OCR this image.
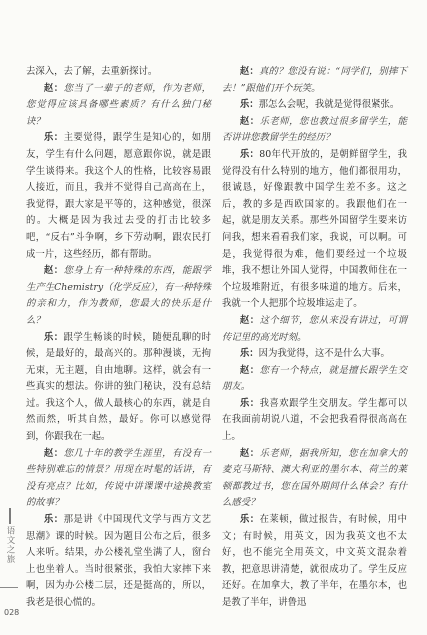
去深入，去了解，去重新探讨。

赵：您当了一辈子的老师，作为老师，您觉得应该具备哪些素质？有什么独门秘诀？

乐：主要觉得，跟学生是知心的，如朋友，学生有什么问题，愿意跟你说，就是跟学生谈得来。我这个人的性格，比较容易跟人接近，而且，我并不觉得自己高高在上，我觉得，跟大家是平等的，这种感觉，很深的。大概是因为我过去受的打击比较多吧，“反右”斗争啊，乡下劳动啊，跟农民打成一片，这些经历，都有帮助。

赵：您身上有一种特殊的东西，能跟学生产生Chemistry（化学反应），有一种特殊的亲和力，作为教师，您最大的快乐是什么？

乐：跟学生畅谈的时候，随便乱聊的时候，是最好的，最高兴的。那种漫谈，无拘无束，无主题，自由地聊。这样，就会有一些真实的想法。你讲的独门秘诀，没有总结过。我这个人，做人最核心的东西，就是自然而然，听其自然，最好。你可以感觉得到，你跟我在一起。

赵：您几十年的教学生涯里，有没有一些特别难忘的情景？用现在时髦的话讲，有没有亮点？比如，传说中讲课课中途换教室的故事？

乐：那是讲《中国现代文学与西方文艺思潮》课的时候。因为题目公布之后，很多人来听。结果，办公楼礼堂坐满了人，窗台上也坐着人。当时很紧张，我怕大家摔下来啊，因为办公楼二层，还是挺高的，所以，我老是很心慌的。

赵：真的？您没有说：“同学们，别摔下去！”跟他们开个玩笑。

乐：那怎么会呢，我就是觉得很紧张。

赵：乐老师，您也教过很多留学生，能否讲讲您教留学生的经历？

乐：80年代开放的，是朝鲜留学生，我觉得没有什么特别的地方，他们都很用功，很诚恳，好像跟教中国学生差不多。这之后，教的多是西欧国家的。我跟他们在一起，就是朋友关系。那些外国留学生要来访问我，想来看看我们家，我说，可以啊。可是，我觉得很为难，他们要经过一个垃圾堆，我不想让外国人觉得，中国教师住在一个垃圾堆附近，有很多味道的地方。后来，我就一个人把那个垃圾堆运走了。

赵：这个细节，您从来没有讲过，可谓传记里的高光时刻。

乐：因为我觉得，这不是什么大事。

赵：您有一个特点，就是擅长跟学生交朋友。

乐：我喜欢跟学生交朋友。学生都可以在我面前胡说八道，不会把我看得很高高在上。

赵：乐老师，据我所知，您在加拿大的麦克马斯特、澳大利亚的墨尔本、荷兰的莱顿都教过书，您在国外期间什么体会？有什么感受？

乐：在莱顿，做过报告，有时候，用中文；有时候，用英文，因为我英文也不太好，也不能完全用英文，中文英文混杂着教，把意思讲清楚，就很成功了。学生反应还好。在加拿大，教了半年，在墨尔本，也是教了半年，讲鲁迅

语文之旅
028
